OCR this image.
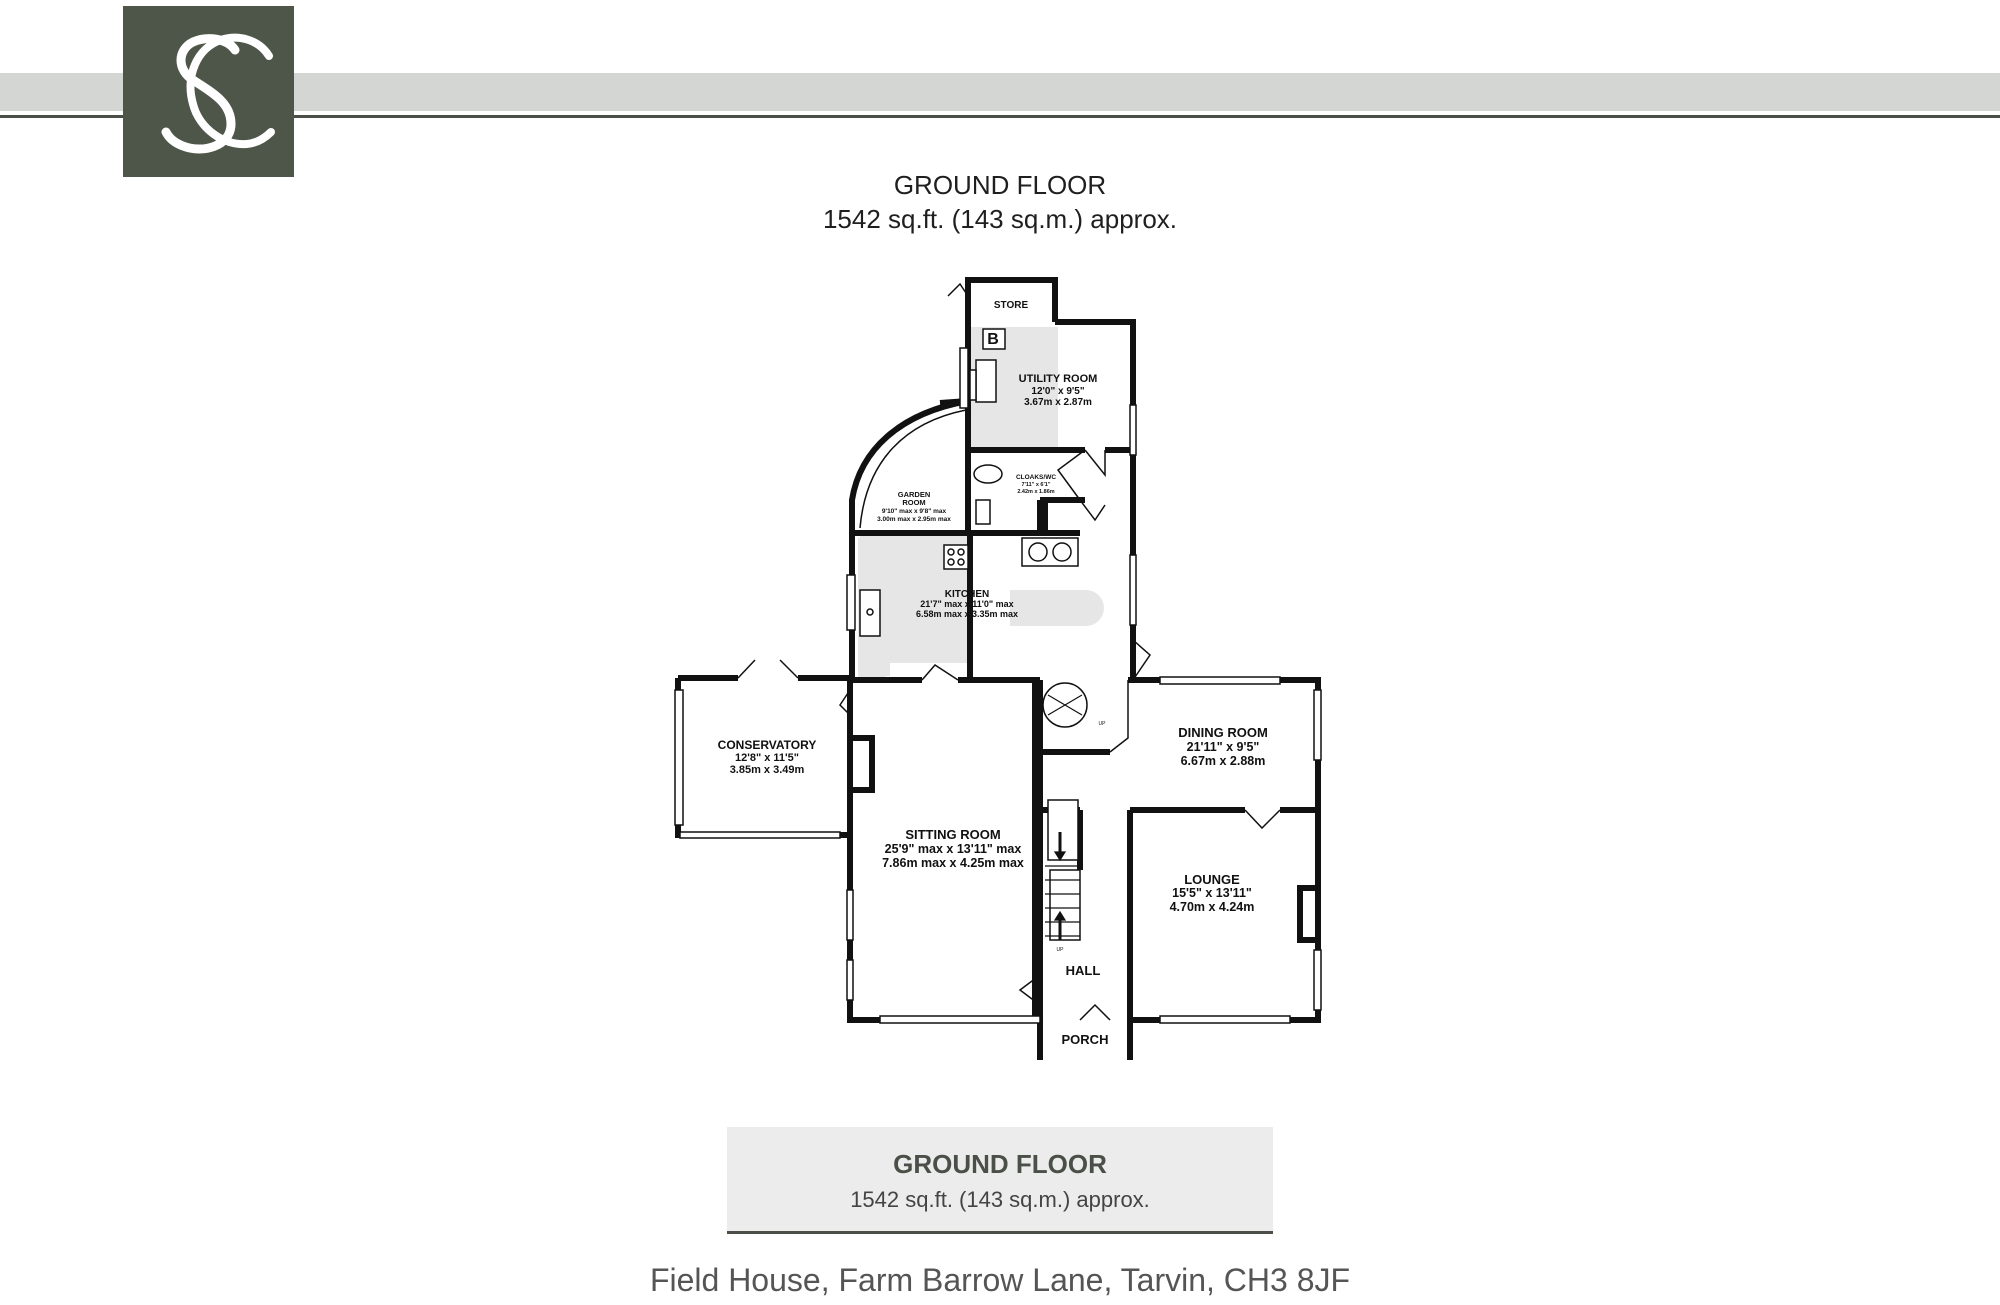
GROUND FLOOR
1542 sq.ft. (143 sq.m.) approx.
STORE
B
UTILITY ROOM
12'0" x 9'5"
3.67m x 2.87m
CLOAKS/WC
7'11" x 6'1"
2.42m x 1.86m
GARDEN
ROOM
9'10" max x 9'8" max
3.00m max x 2.95m max
KITCHEN
21'7" max x 11'0" max
6.58m max x 3.35m max
CONSERVATORY
12'8" x 11'5"
3.85m x 3.49m
SITTING ROOM
25'9" max x 13'11" max
7.86m max x 4.25m max
DINING ROOM
21'11" x 9'5"
6.67m x 2.88m
LOUNGE
15'5" x 13'11"
4.70m x 4.24m
HALL
PORCH
UP
UP
GROUND FLOOR
1542 sq.ft. (143 sq.m.) approx.
Field House, Farm Barrow Lane, Tarvin, CH3 8JF
